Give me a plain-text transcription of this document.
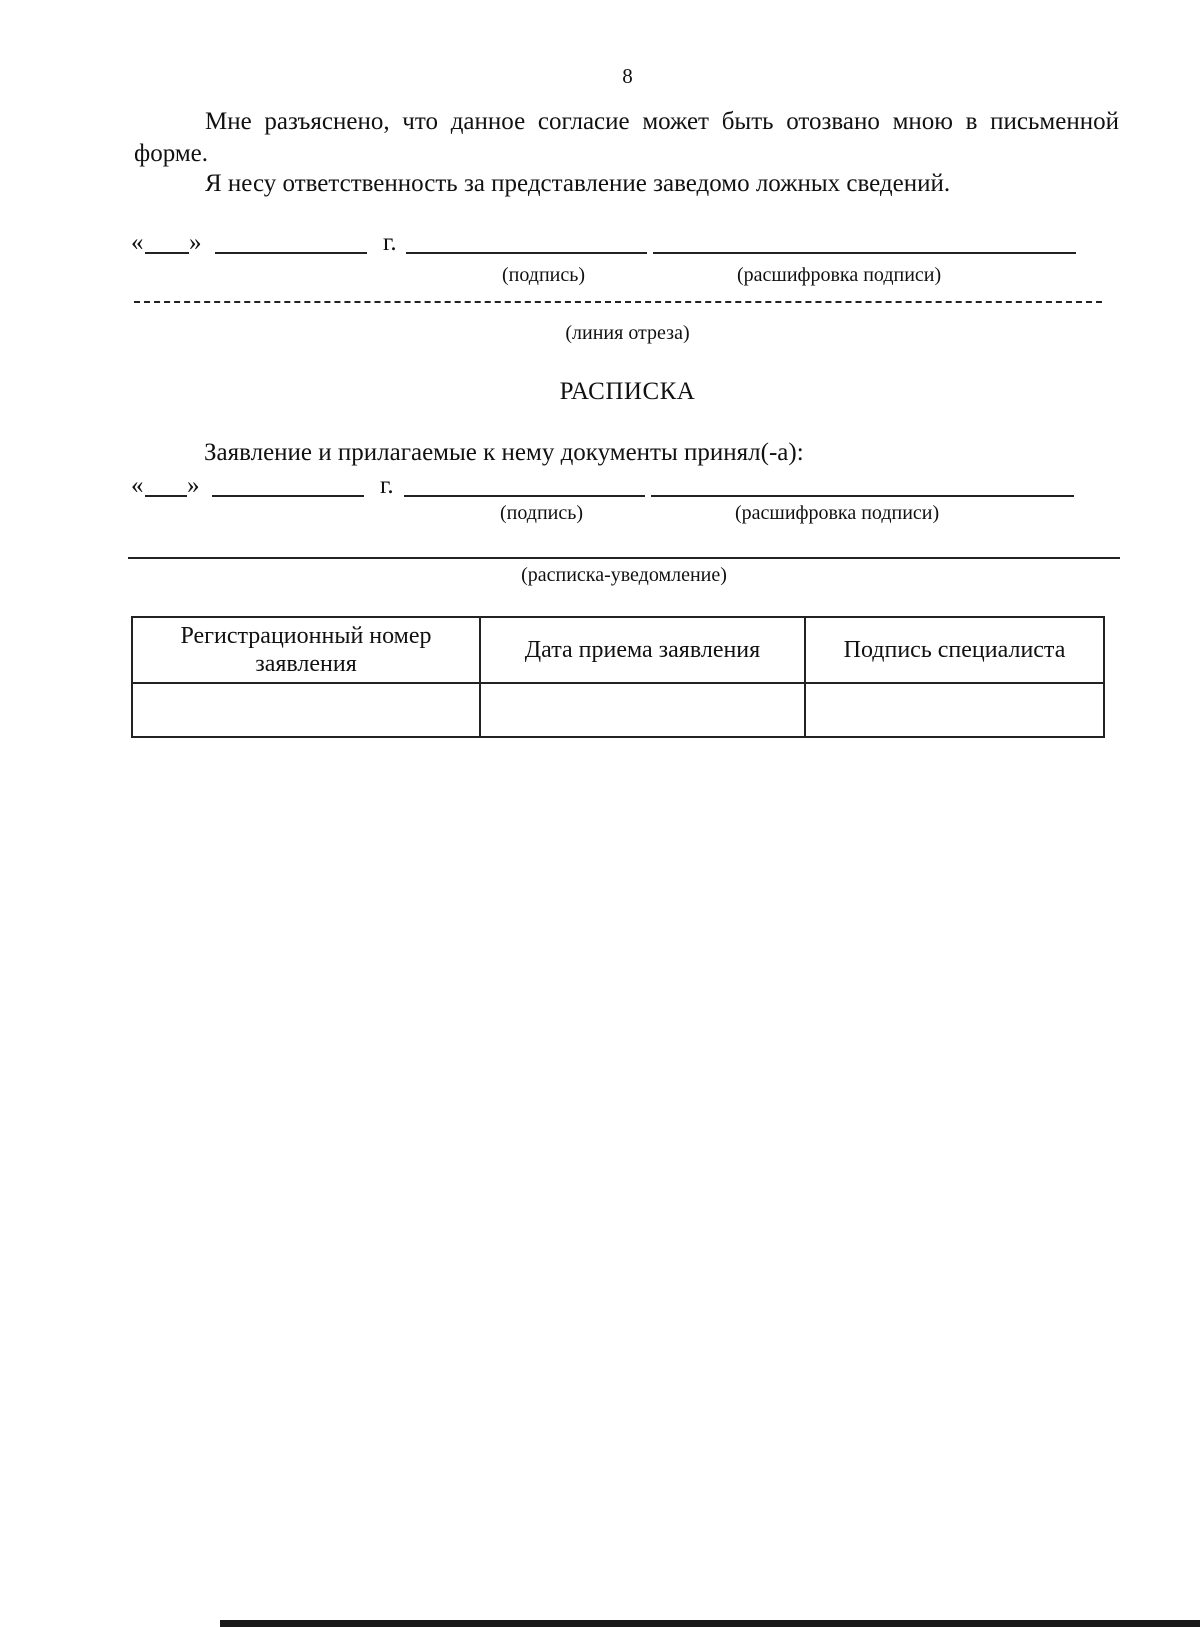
8
Мне разъяснено, что данное согласие может быть отозвано мною в письменной форме.
Я несу ответственность за представление заведомо ложных сведений.
« »	г.
(подпись)	(расшифровка подписи)
(линия отреза)
РАСПИСКА
Заявление и прилагаемые к нему документы принял(-а):
« »	г.
(подпись)	(расшифровка подписи)
(расписка-уведомление)
Регистрационный номер заявления	Дата приема заявления	Подпись специалиста
